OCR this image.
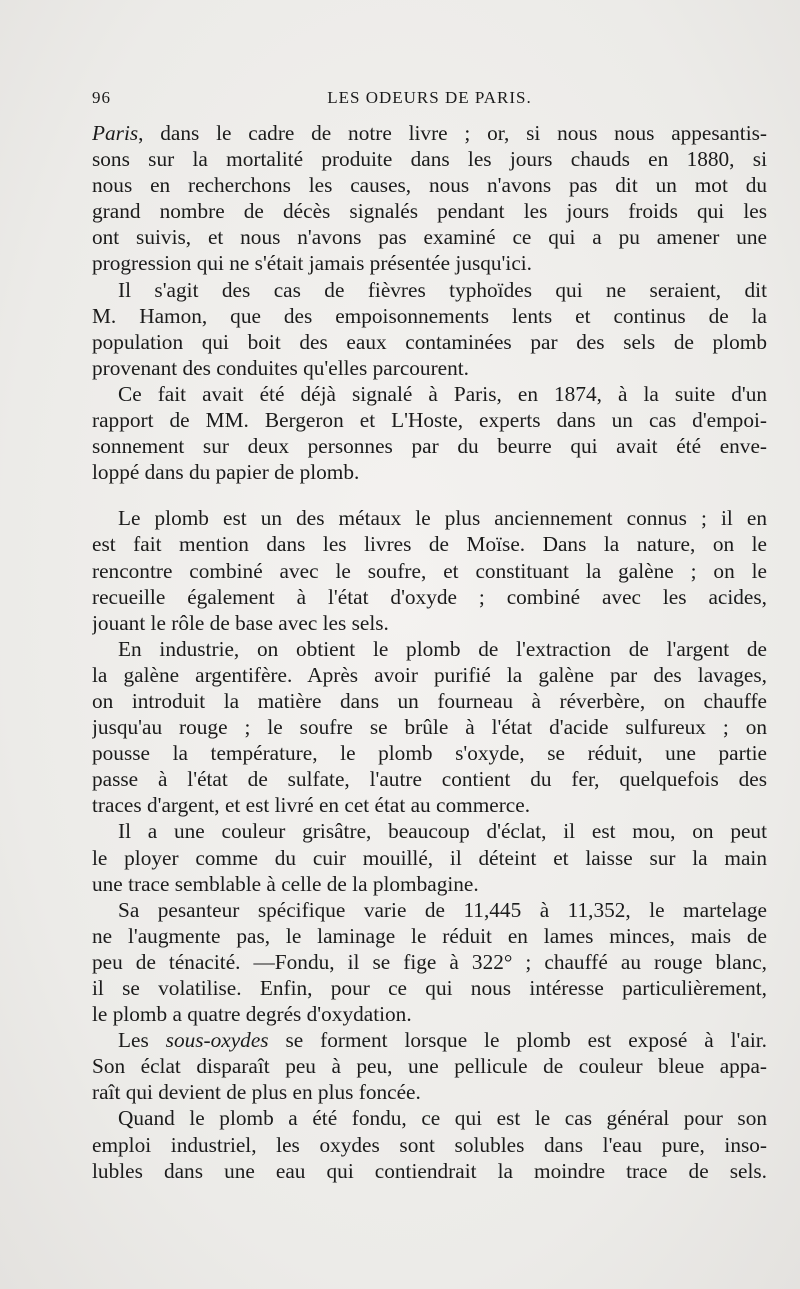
96	LES ODEURS DE PARIS.
Paris, dans le cadre de notre livre ; or, si nous nous appesantis-
sons sur la mortalité produite dans les jours chauds en 1880, si
nous en recherchons les causes, nous n'avons pas dit un mot du
grand nombre de décès signalés pendant les jours froids qui les
ont suivis, et nous n'avons pas examiné ce qui a pu amener une
progression qui ne s'était jamais présentée jusqu'ici.
Il s'agit des cas de fièvres typhoïdes qui ne seraient, dit
M. Hamon, que des empoisonnements lents et continus de la
population qui boit des eaux contaminées par des sels de plomb
provenant des conduites qu'elles parcourent.
Ce fait avait été déjà signalé à Paris, en 1874, à la suite d'un
rapport de MM. Bergeron et L'Hoste, experts dans un cas d'empoi-
sonnement sur deux personnes par du beurre qui avait été enve-
loppé dans du papier de plomb.
Le plomb est un des métaux le plus anciennement connus ; il en
est fait mention dans les livres de Moïse. Dans la nature, on le
rencontre combiné avec le soufre, et constituant la galène ; on le
recueille également à l'état d'oxyde ; combiné avec les acides,
jouant le rôle de base avec les sels.
En industrie, on obtient le plomb de l'extraction de l'argent de
la galène argentifère. Après avoir purifié la galène par des lavages,
on introduit la matière dans un fourneau à réverbère, on chauffe
jusqu'au rouge ; le soufre se brûle à l'état d'acide sulfureux ; on
pousse la température, le plomb s'oxyde, se réduit, une partie
passe à l'état de sulfate, l'autre contient du fer, quelquefois des
traces d'argent, et est livré en cet état au commerce.
Il a une couleur grisâtre, beaucoup d'éclat, il est mou, on peut
le ployer comme du cuir mouillé, il déteint et laisse sur la main
une trace semblable à celle de la plombagine.
Sa pesanteur spécifique varie de 11,445 à 11,352, le martelage
ne l'augmente pas, le laminage le réduit en lames minces, mais de
peu de ténacité. —Fondu, il se fige à 322° ; chauffé au rouge blanc,
il se volatilise. Enfin, pour ce qui nous intéresse particulièrement,
le plomb a quatre degrés d'oxydation.
Les sous-oxydes se forment lorsque le plomb est exposé à l'air.
Son éclat disparaît peu à peu, une pellicule de couleur bleue appa-
raît qui devient de plus en plus foncée.
Quand le plomb a été fondu, ce qui est le cas général pour son
emploi industriel, les oxydes sont solubles dans l'eau pure, inso-
lubles dans une eau qui contiendrait la moindre trace de sels.
